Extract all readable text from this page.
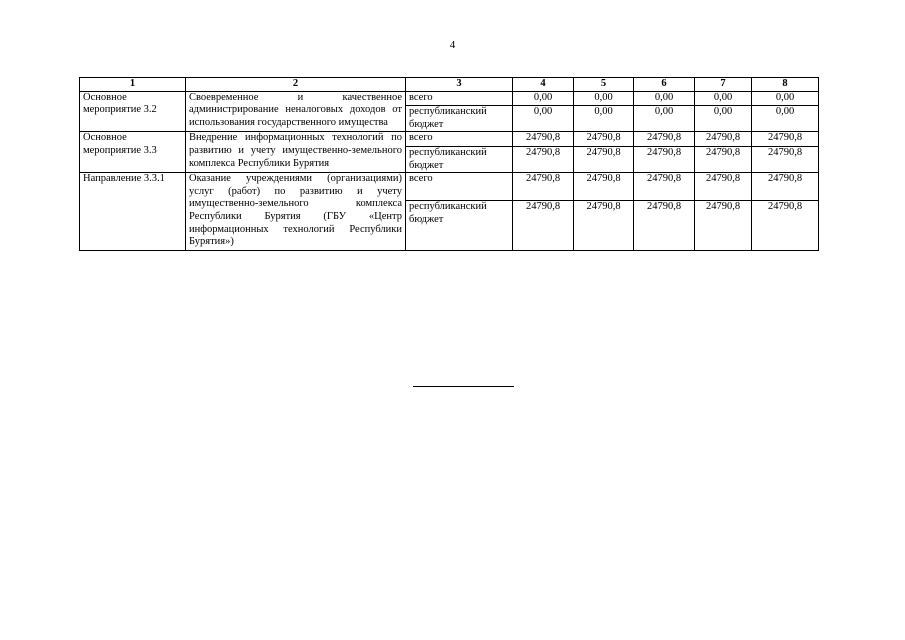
4
1	2	3	4	5	6	7	8
Основное мероприятие 3.2	Своевременное и качественное администрирование неналоговых доходов от использования государственного имущества	всего	0,00	0,00	0,00	0,00	0,00
		республиканский бюджет	0,00	0,00	0,00	0,00	0,00
Основное мероприятие 3.3	Внедрение информационных технологий по развитию и учету имущественно-земельного комплекса Республики Бурятия	всего	24790,8	24790,8	24790,8	24790,8	24790,8
		республиканский бюджет	24790,8	24790,8	24790,8	24790,8	24790,8
Направление 3.3.1	Оказание учреждениями (организациями) услуг (работ) по развитию и учету имущественно-земельного комплекса Республики Бурятия (ГБУ «Центр информационных технологий Республики Бурятия»)	всего	24790,8	24790,8	24790,8	24790,8	24790,8
		республиканский бюджет	24790,8	24790,8	24790,8	24790,8	24790,8
